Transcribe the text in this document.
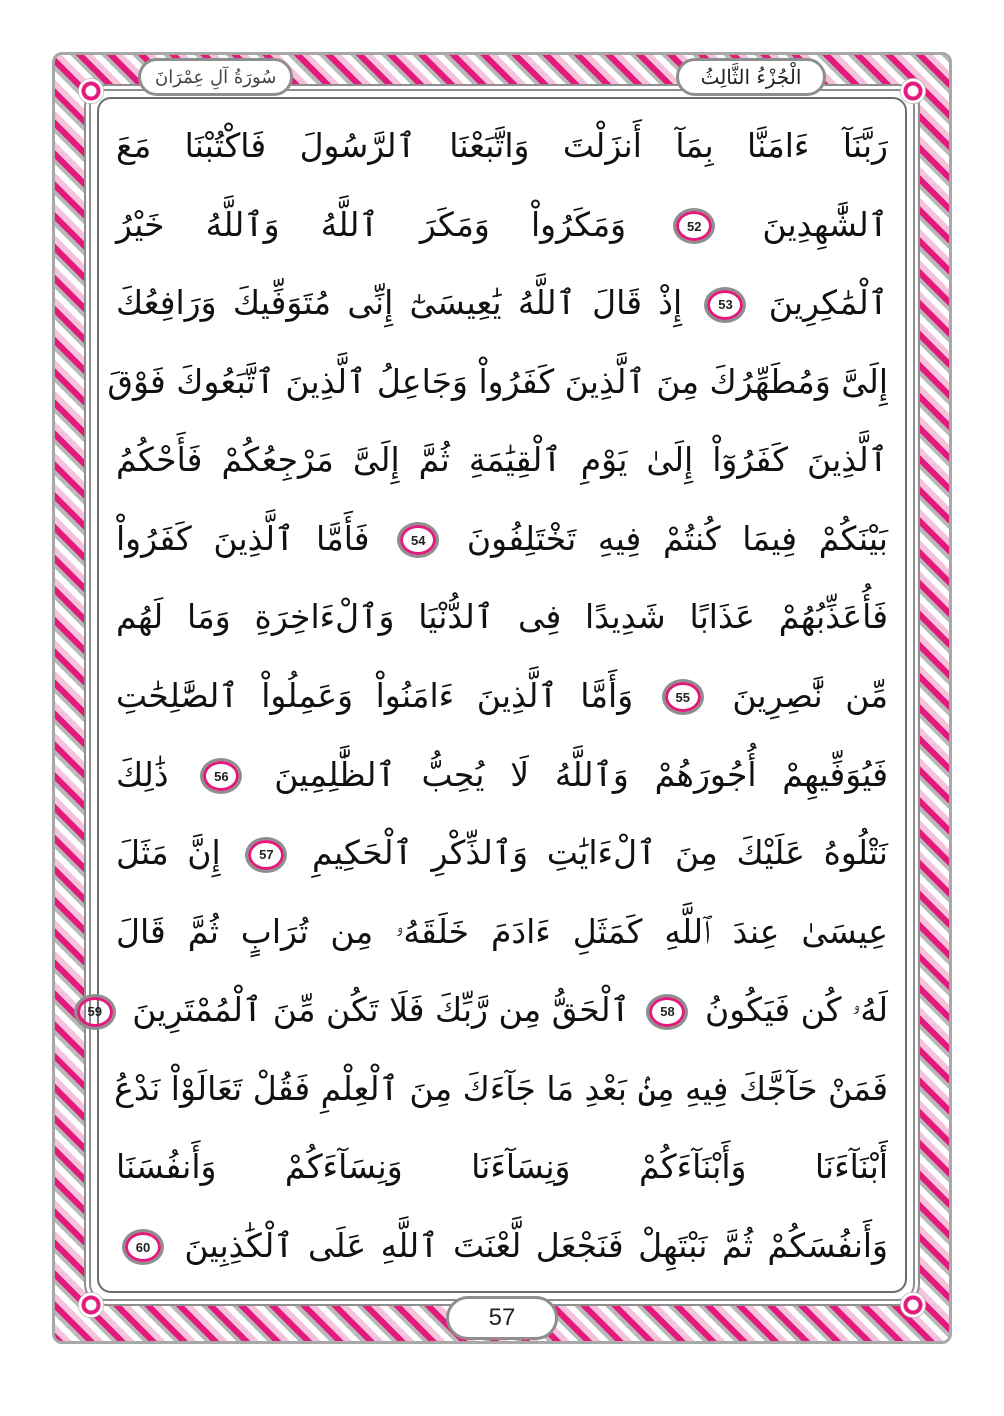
الْجُزْءُ الثَّالِثُ
سُورَةُ آلِ عِمْرَانَ
رَبَّنَآ ءَامَنَّا بِمَآ أَنزَلْتَ وَاتَّبَعْنَا ٱلرَّسُولَ فَاكْتُبْنَا مَعَ
ٱلشَّٰهِدِينَ 52 وَمَكَرُواْ وَمَكَرَ ٱللَّهُ وَٱللَّهُ خَيْرُ
ٱلْمَٰكِرِينَ 53 إِذْ قَالَ ٱللَّهُ يَٰعِيسَىٰٓ إِنِّى مُتَوَفِّيكَ وَرَافِعُكَ
إِلَىَّ وَمُطَهِّرُكَ مِنَ ٱلَّذِينَ كَفَرُواْ وَجَاعِلُ ٱلَّذِينَ ٱتَّبَعُوكَ فَوْقَ
ٱلَّذِينَ كَفَرُوٓاْ إِلَىٰ يَوْمِ ٱلْقِيَٰمَةِ ثُمَّ إِلَىَّ مَرْجِعُكُمْ فَأَحْكُمُ
بَيْنَكُمْ فِيمَا كُنتُمْ فِيهِ تَخْتَلِفُونَ 54 فَأَمَّا ٱلَّذِينَ كَفَرُواْ
فَأُعَذِّبُهُمْ عَذَابًا شَدِيدًا فِى ٱلدُّنْيَا وَٱلْءَاخِرَةِ وَمَا لَهُم
مِّن نَّٰصِرِينَ 55 وَأَمَّا ٱلَّذِينَ ءَامَنُواْ وَعَمِلُواْ ٱلصَّٰلِحَٰتِ
فَيُوَفِّيهِمْ أُجُورَهُمْ وَٱللَّهُ لَا يُحِبُّ ٱلظَّٰلِمِينَ 56 ذَٰلِكَ
نَتْلُوهُ عَلَيْكَ مِنَ ٱلْءَايَٰتِ وَٱلذِّكْرِ ٱلْحَكِيمِ 57 إِنَّ مَثَلَ
عِيسَىٰ عِندَ ٱللَّهِ كَمَثَلِ ءَادَمَ خَلَقَهُۥ مِن تُرَابٍ ثُمَّ قَالَ
لَهُۥ كُن فَيَكُونُ 58 ٱلْحَقُّ مِن رَّبِّكَ فَلَا تَكُن مِّنَ ٱلْمُمْتَرِينَ 59
فَمَنْ حَآجَّكَ فِيهِ مِنۢ بَعْدِ مَا جَآءَكَ مِنَ ٱلْعِلْمِ فَقُلْ تَعَالَوْاْ نَدْعُ
أَبْنَآءَنَا وَأَبْنَآءَكُمْ وَنِسَآءَنَا وَنِسَآءَكُمْ وَأَنفُسَنَا
وَأَنفُسَكُمْ ثُمَّ نَبْتَهِلْ فَنَجْعَل لَّعْنَتَ ٱللَّهِ عَلَى ٱلْكَٰذِبِينَ 60
57
